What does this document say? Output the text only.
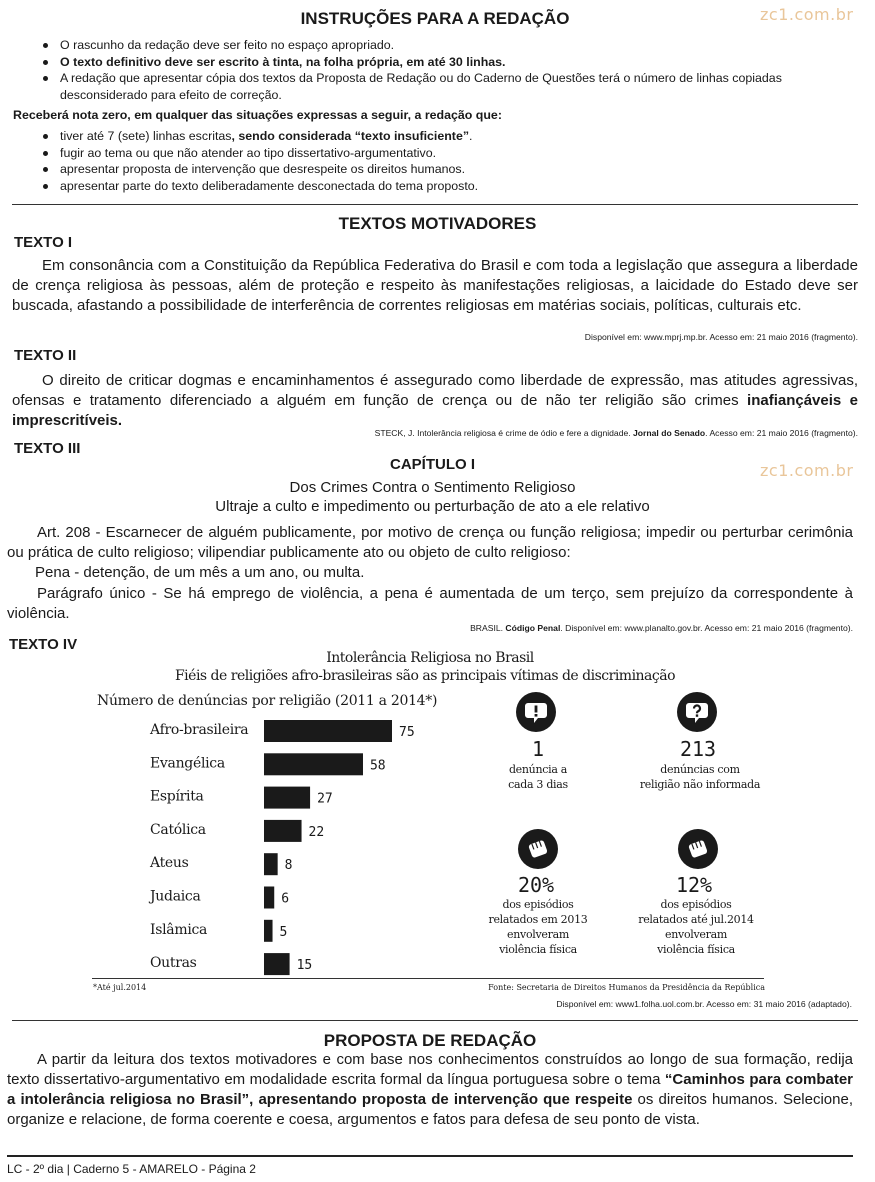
zc1.com.br
zc1.com.br
INSTRUÇÕES PARA A REDAÇÃO
O rascunho da redação deve ser feito no espaço apropriado.
O texto definitivo deve ser escrito à tinta, na folha própria, em até 30 linhas.
A redação que apresentar cópia dos textos da Proposta de Redação ou do Caderno de Questões terá o número de linhas copiadas desconsiderado para efeito de correção.
Receberá nota zero, em qualquer das situações expressas a seguir, a redação que:
tiver até 7 (sete) linhas escritas, sendo considerada “texto insuficiente”.
fugir ao tema ou que não atender ao tipo dissertativo-argumentativo.
apresentar proposta de intervenção que desrespeite os direitos humanos.
apresentar parte do texto deliberadamente desconectada do tema proposto.
TEXTOS MOTIVADORES
TEXTO I
Em consonância com a Constituição da República Federativa do Brasil e com toda a legislação que assegura a liberdade de crença religiosa às pessoas, além de proteção e respeito às manifestações religiosas, a laicidade do Estado deve ser buscada, afastando a possibilidade de interferência de correntes religiosas em matérias sociais, políticas, culturais etc.
Disponível em: www.mprj.mp.br. Acesso em: 21 maio 2016 (fragmento).
TEXTO II
O direito de criticar dogmas e encaminhamentos é assegurado como liberdade de expressão, mas atitudes agressivas, ofensas e tratamento diferenciado a alguém em função de crença ou de não ter religião são crimes inafiançáveis e imprescritíveis.
STECK, J. Intolerância religiosa é crime de ódio e fere a dignidade. Jornal do Senado. Acesso em: 21 maio 2016 (fragmento).
TEXTO III
CAPÍTULO I
Dos Crimes Contra o Sentimento Religioso
Ultraje a culto e impedimento ou perturbação de ato a ele relativo
Art. 208 - Escarnecer de alguém publicamente, por motivo de crença ou função religiosa; impedir ou perturbar cerimônia ou prática de culto religioso; vilipendiar publicamente ato ou objeto de culto religioso:
Pena - detenção, de um mês a um ano, ou multa.
Parágrafo único - Se há emprego de violência, a pena é aumentada de um terço, sem prejuízo da correspondente à violência.
BRASIL. Código Penal. Disponível em: www.planalto.gov.br. Acesso em: 21 maio 2016 (fragmento).
TEXTO IV
Intolerância Religiosa no Brasil
Fiéis de religiões afro-brasileiras são as principais vítimas de discriminação
Número de denúncias por religião (2011 a 2014*)
Afro-brasileira	75
Evangélica	58
Espírita	27
Católica	22
Ateus	8
Judaica	6
Islâmica	5
Outras	15
1
denúncia a
cada 3 dias
213
denúncias com
religião não informada
20%
dos episódios
relatados em 2013
envolveram
violência física
12%
dos episódios
relatados até jul.2014
envolveram
violência física
*Até jul.2014	Fonte: Secretaria de Direitos Humanos da Presidência da República
Disponível em: www1.folha.uol.com.br. Acesso em: 31 maio 2016 (adaptado).
PROPOSTA DE REDAÇÃO
A partir da leitura dos textos motivadores e com base nos conhecimentos construídos ao longo de sua formação, redija texto dissertativo-argumentativo em modalidade escrita formal da língua portuguesa sobre o tema “Caminhos para combater a intolerância religiosa no Brasil”, apresentando proposta de intervenção que respeite os direitos humanos. Selecione, organize e relacione, de forma coerente e coesa, argumentos e fatos para defesa de seu ponto de vista.
LC - 2º dia | Caderno 5 - AMARELO - Página 2
